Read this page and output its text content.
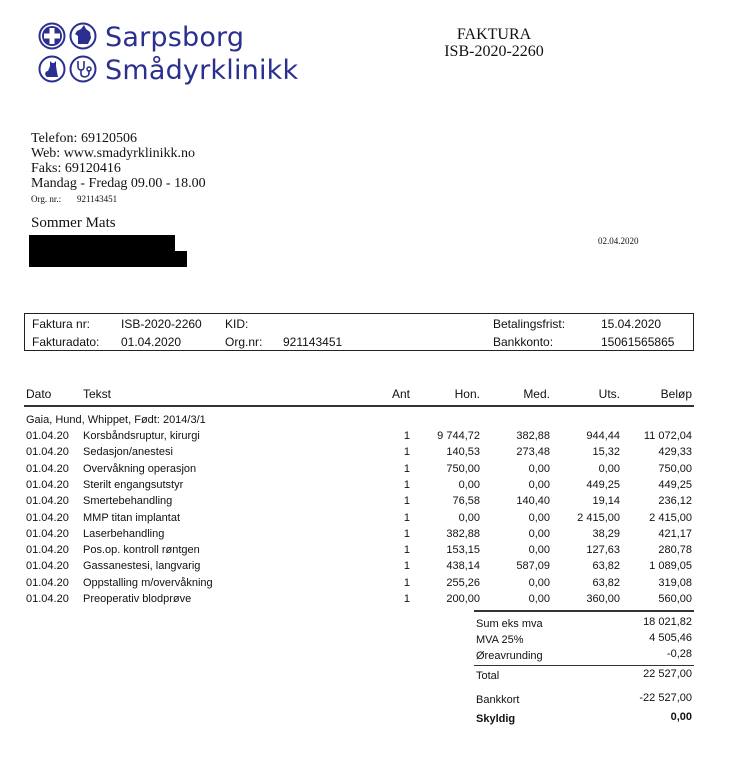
Sarpsborg
Smådyrklinikk
FAKTURA
ISB-2020-2260
Telefon: 69120506
Web: www.smadyrklinikk.no
Faks: 69120416
Mandag - Fredag 09.00 - 18.00
Org. nr.: 921143451
Sommer Mats
02.04.2020
Faktura nr:	ISB-2020-2260 KID:	Betalingsfrist:	15.04.2020
Fakturadato: 01.04.2020	Org.nr: 921143451	Bankkonto:	15061565865
Dato	Tekst	Ant	Hon.	Med.	Uts.	Beløp
Gaia, Hund, Whippet, Født: 2014/3/1
01.04.20 Korsbåndsruptur, kirurgi	1	9 744,72	382,88	944,44	11 072,04
01.04.20 Sedasjon/anestesi	1	140,53	273,48	15,32	429,33
01.04.20 Overvåkning operasjon	1	750,00	0,00	0,00	750,00
01.04.20 Sterilt engangsutstyr	1	0,00	0,00	449,25	449,25
01.04.20 Smertebehandling	1	76,58	140,40	19,14	236,12
01.04.20 MMP titan implantat	1	0,00	0,00	2 415,00	2 415,00
01.04.20 Laserbehandling	1	382,88	0,00	38,29	421,17
01.04.20 Pos.op. kontroll røntgen	1	153,15	0,00	127,63	280,78
01.04.20 Gassanestesi, langvarig	1	438,14	587,09	63,82	1 089,05
01.04.20 Oppstalling m/overvåkning	1	255,26	0,00	63,82	319,08
01.04.20 Preoperativ blodprøve	1	200,00	0,00	360,00	560,00
Sum eks mva	18 021,82
MVA 25%	4 505,46
Øreavrunding	-0,28
Total	22 527,00
Bankkort	-22 527,00
Skyldig	0,00
